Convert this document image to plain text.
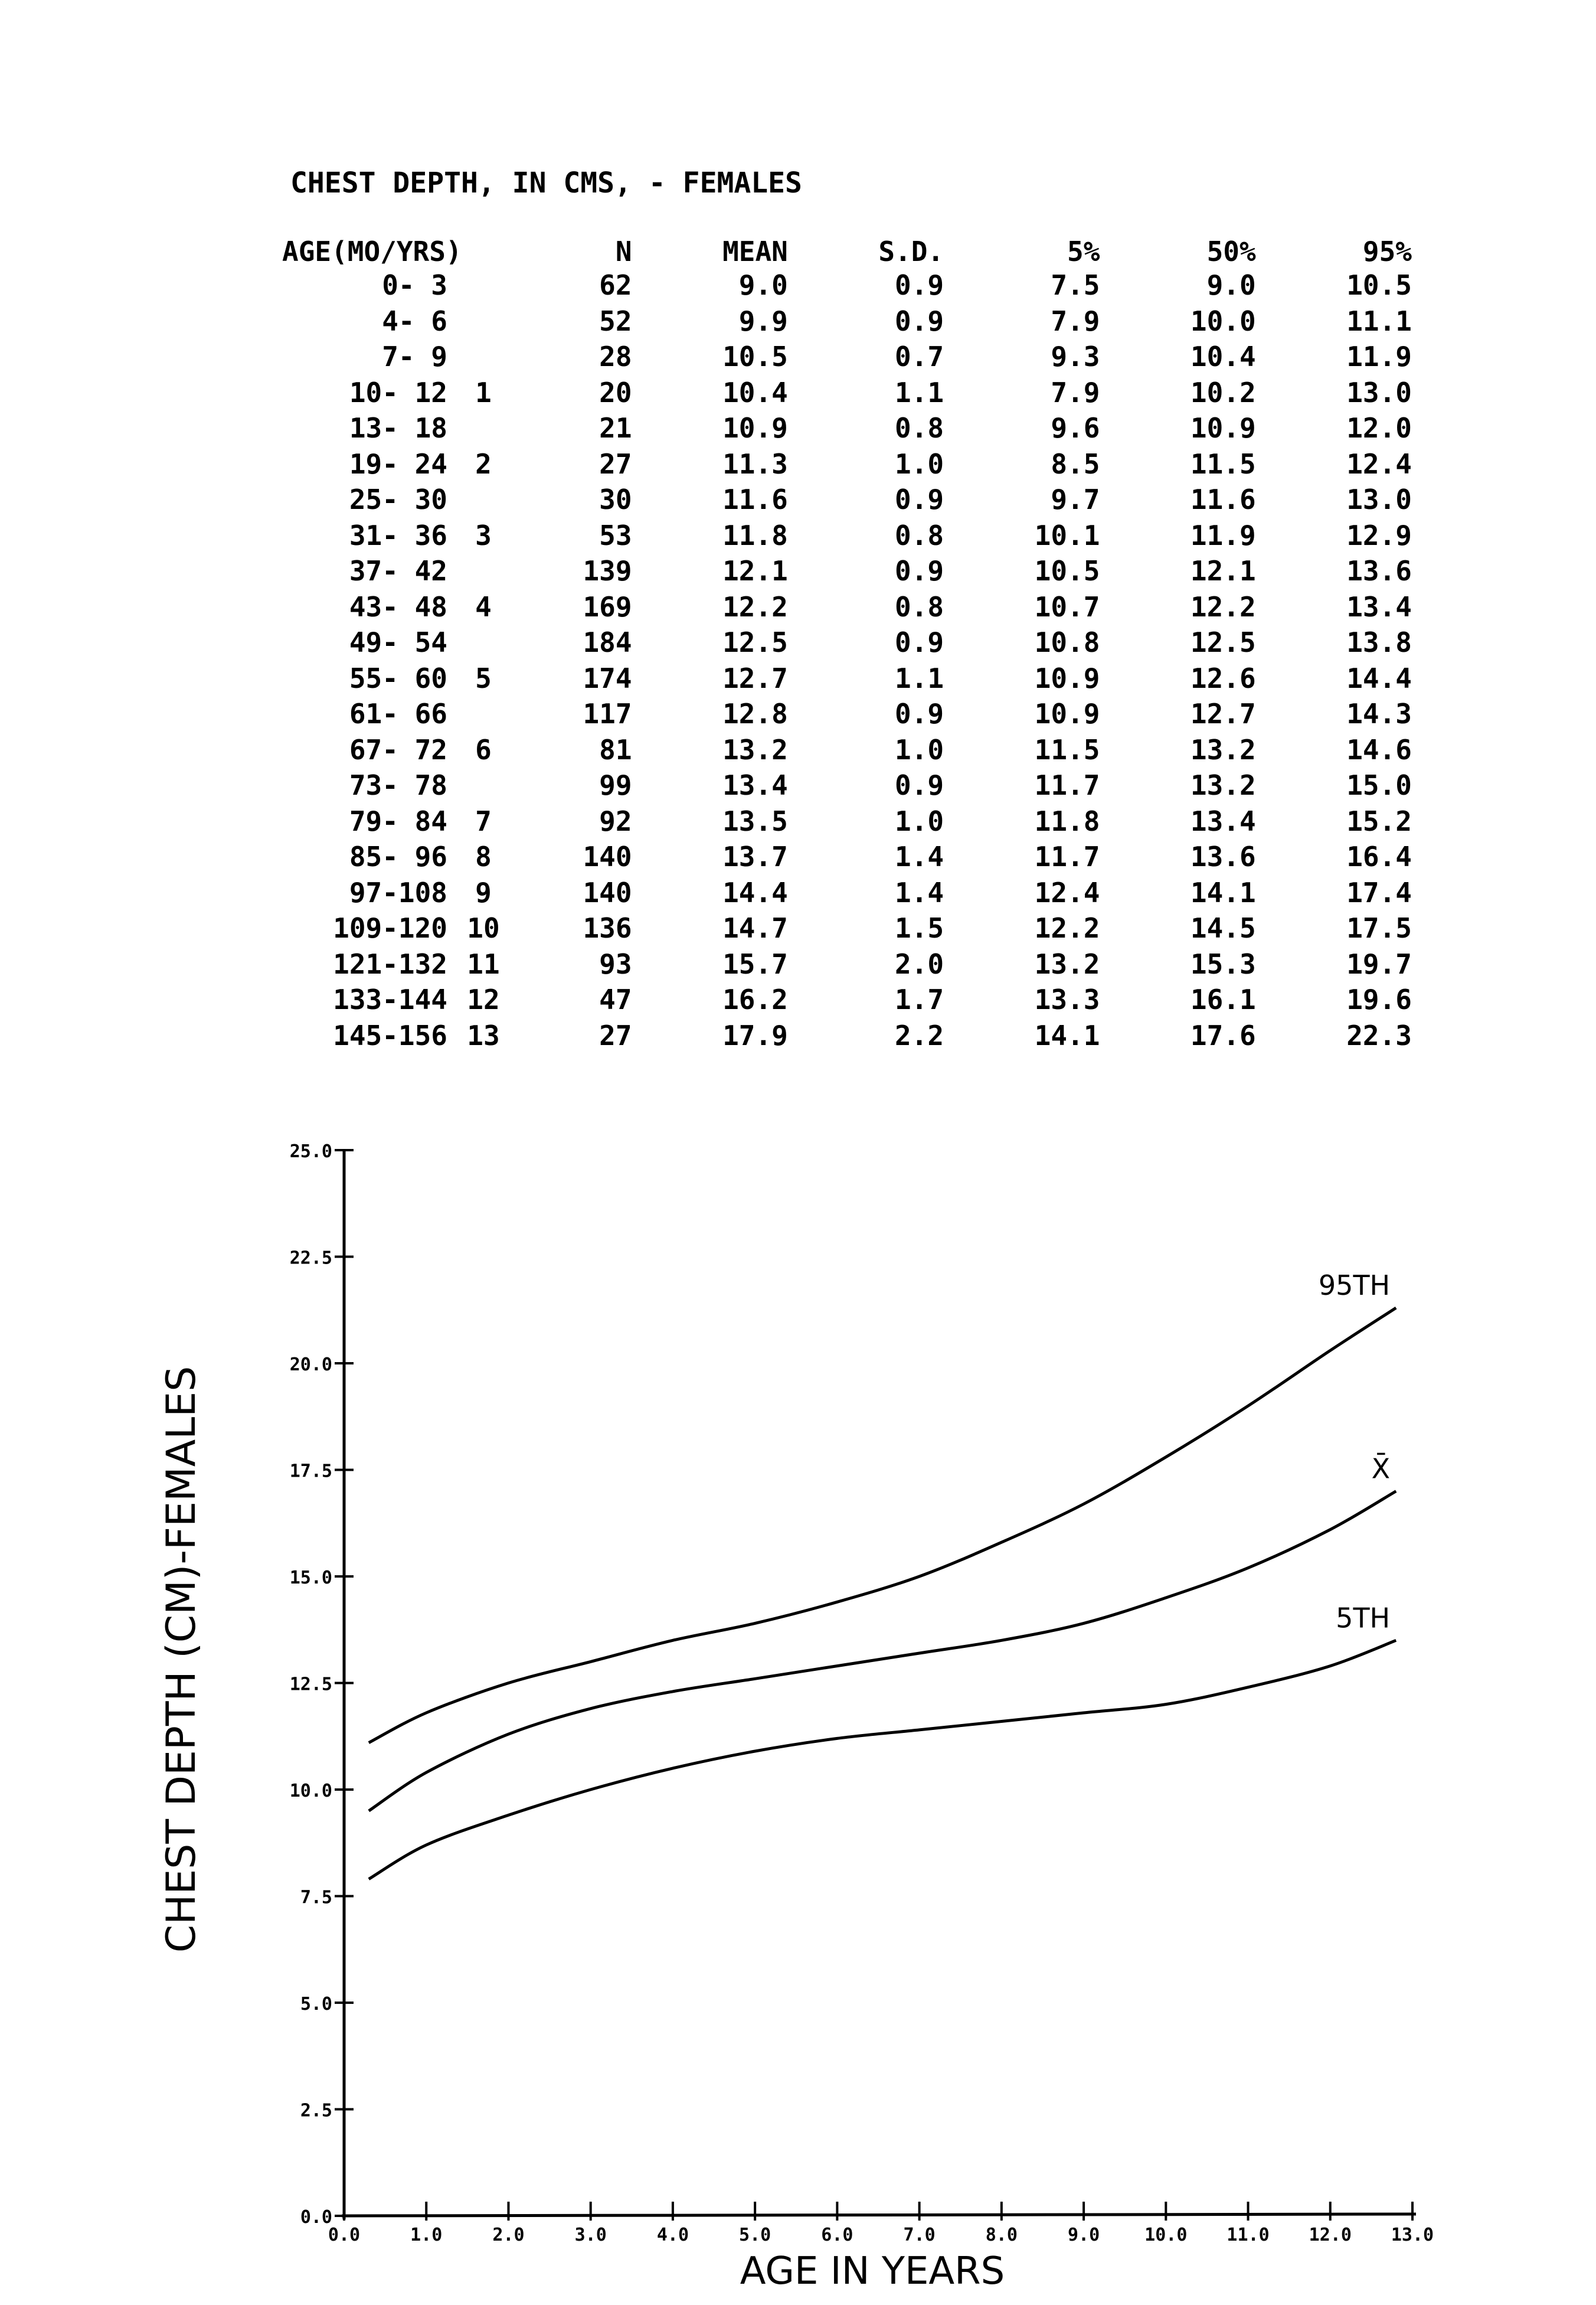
CHEST DEPTH, IN CMS, - FEMALES
AGE(MO/YRS)		N	MEAN	S.D.	5%	50%	95%
0- 3		62	9.0	0.9	7.5	9.0	10.5
4- 6		52	9.9	0.9	7.9	10.0	11.1
7- 9		28	10.5	0.7	9.3	10.4	11.9
10- 12	1	20	10.4	1.1	7.9	10.2	13.0
13- 18		21	10.9	0.8	9.6	10.9	12.0
19- 24	2	27	11.3	1.0	8.5	11.5	12.4
25- 30		30	11.6	0.9	9.7	11.6	13.0
31- 36	3	53	11.8	0.8	10.1	11.9	12.9
37- 42		139	12.1	0.9	10.5	12.1	13.6
43- 48	4	169	12.2	0.8	10.7	12.2	13.4
49- 54		184	12.5	0.9	10.8	12.5	13.8
55- 60	5	174	12.7	1.1	10.9	12.6	14.4
61- 66		117	12.8	0.9	10.9	12.7	14.3
67- 72	6	81	13.2	1.0	11.5	13.2	14.6
73- 78		99	13.4	0.9	11.7	13.2	15.0
79- 84	7	92	13.5	1.0	11.8	13.4	15.2
85- 96	8	140	13.7	1.4	11.7	13.6	16.4
97-108	9	140	14.4	1.4	12.4	14.1	17.4
109-120	10	136	14.7	1.5	12.2	14.5	17.5
121-132	11	93	15.7	2.0	13.2	15.3	19.7
133-144	12	47	16.2	1.7	13.3	16.1	19.6
145-156	13	27	17.9	2.2	14.1	17.6	22.3
0.0
2.5
5.0
7.5
10.0
12.5
15.0
17.5
20.0
22.5
25.0
0.0	1.0	2.0	3.0	4.0	5.0	6.0	7.0	8.0	9.0	10.0 11.0 12.0 13.0
95TH
X̄
5TH
AGE IN YEARS
CHEST DEPTH (CM)-FEMALES
